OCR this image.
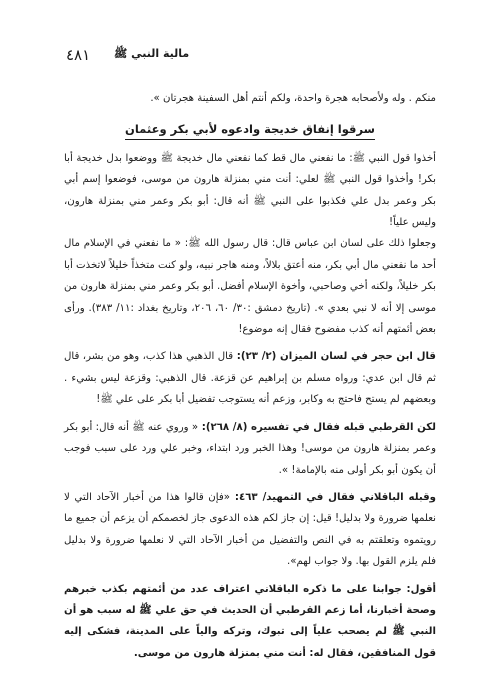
٤٨١ مالية النبي ﷺ

منكم . وله ولأصحابه هجرة واحدة، ولكم أنتم أهل السفينة هجرتان ».

سرقوا إنفاق خديجة وادعوه لأبي بكر وعثمان

أخذوا قول النبي ﷺ: ما نفعني مال قط كما نفعني مال خديجة ﷺ ووضعوا بدل خديجة أبا بكر! وأخذوا قول النبي ﷺ لعلي: أنت مني بمنزلة هارون من موسى، فوضعوا إسم أبي بكر وعمر بدل علي فكذبوا على النبي ﷺ أنه قال: أبو بكر وعمر مني بمنزلة هارون، وليس علياً!

وجعلوا ذلك على لسان ابن عباس قال: قال رسول الله ﷺ: « ما نفعني في الإسلام مال أحد ما نفعني مال أبي بكر، منه أعتق بلالاً، ومنه هاجر نبيه، ولو كنت متخذاً خليلاً لاتخذت أبا بكر خليلاً، ولكنه أخي وصاحبي، وأخوة الإسلام أفضل. أبو بكر وعمر مني بمنزلة هارون من موسى إلا أنه لا نبي بعدي ». (تاريخ دمشق :٣٠/ ٦٠، ٢٠٦، وتاريخ بغداد :١١/ ٣٨٣). ورأى بعض أئمتهم أنه كذب مفضوح فقال إنه موضوع!

قال ابن حجر في لسان الميزان (٢/ ٢٣): قال الذهبي هذا كذب، وهو من بشر، قال ثم قال ابن عدي: ورواه مسلم بن إبراهيم عن قزعة. قال الذهبي: وقزعة ليس بشيء . وبعضهم لم يستح فاحتج به وكابر، وزعم أنه يستوجب تفضيل أبا بكر على علي ﷺ!

لكن القرطبي قبله فقال في تفسيره (٨/ ٢٦٨): « وروي عنه ﷺ أنه قال: أبو بكر وعمر بمنزلة هارون من موسى! وهذا الخبر ورد ابتداء، وخبر علي ورد على سبب فوجب أن يكون أبو بكر أولى منه بالإمامة! ».

وقبله الباقلاني فقال في التمهيد/ ٤٦٣: «فإن قالوا هذا من أخبار الآحاد التي لا نعلمها ضرورة ولا بدليل! قيل: إن جاز لكم هذه الدعوى جاز لخصمكم أن يزعم أن جميع ما رويتموه وتعلقتم به في النص والتفضيل من أخبار الآحاد التي لا نعلمها ضرورة ولا بدليل فلم يلزم القول بها. ولا جواب لهم».

أقول: جوابنا على ما ذكره الباقلاني اعتراف عدد من أئمتهم بكذب خبرهم وصحة أخبارنا، أما زعم القرطبي أن الحديث في حق علي ﷺ له سبب هو أن النبي ﷺ لم يصحب علياً إلى تبوك، وتركه والياً على المدينة، فشكى إليه قول المنافقين، فقال له: أنت مني بمنزلة هارون من موسى.
